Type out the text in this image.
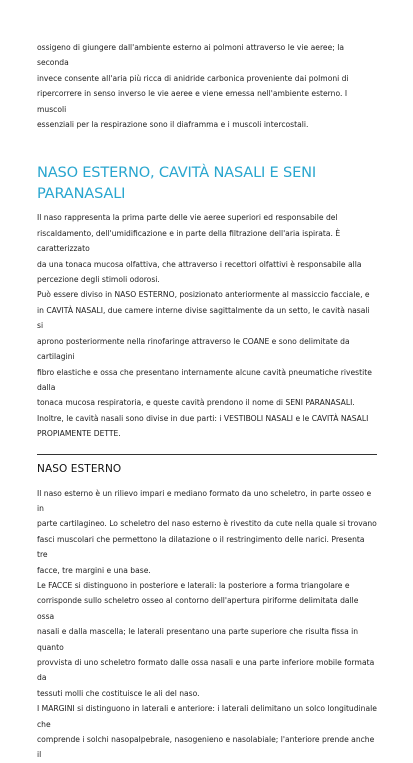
ossigeno di giungere dall'ambiente esterno ai polmoni attraverso le vie aeree; la seconda

invece consente all'aria più ricca di anidride carbonica proveniente dai polmoni di

ripercorrere in senso inverso le vie aeree e viene emessa nell'ambiente esterno. I muscoli

essenziali per la respirazione sono il diaframma e i muscoli intercostali.

NASO ESTERNO, CAVITÀ NASALI E SENI
PARANASALI

Il naso rappresenta la prima parte delle vie aeree superiori ed responsabile del

riscaldamento, dell'umidificazione e in parte della filtrazione dell'aria ispirata. È caratterizzato

da una tonaca mucosa olfattiva, che attraverso i recettori olfattivi è responsabile alla

percezione degli stimoli odorosi.

Può essere diviso in NASO ESTERNO, posizionato anteriormente al massiccio facciale, e

in CAVITÀ NASALI, due camere interne divise sagittalmente da un setto, le cavità nasali si

aprono posteriormente nella rinofaringe attraverso le COANE e sono delimitate da cartilagini

fibro elastiche e ossa che presentano internamente alcune cavità pneumatiche rivestite dalla

tonaca mucosa respiratoria, e queste cavità prendono il nome di SENI PARANASALI.

Inoltre, le cavità nasali sono divise in due parti: i VESTIBOLI NASALI e le CAVITÀ NASALI

PROPIAMENTE DETTE.

NASO ESTERNO

Il naso esterno è un rilievo impari e mediano formato da uno scheletro, in parte osseo e in

parte cartilagineo. Lo scheletro del naso esterno è rivestito da cute nella quale si trovano

fasci muscolari che permettono la dilatazione o il restringimento delle narici. Presenta tre

facce, tre margini e una base.

Le FACCE si distinguono in posteriore e laterali: la posteriore a forma triangolare e

corrisponde sullo scheletro osseo al contorno dell'apertura piriforme delimitata dalle ossa

nasali e dalla mascella; le laterali presentano una parte superiore che risulta fissa in quanto

provvista di uno scheletro formato dalle ossa nasali e una parte inferiore mobile formata da

tessuti molli che costituisce le ali del naso.

I MARGINI si distinguono in laterali e anteriore: i laterali delimitano un solco longitudinale che

comprende i solchi nasopalpebrale, nasogenieno e nasolabiale; l'anteriore prende anche il
